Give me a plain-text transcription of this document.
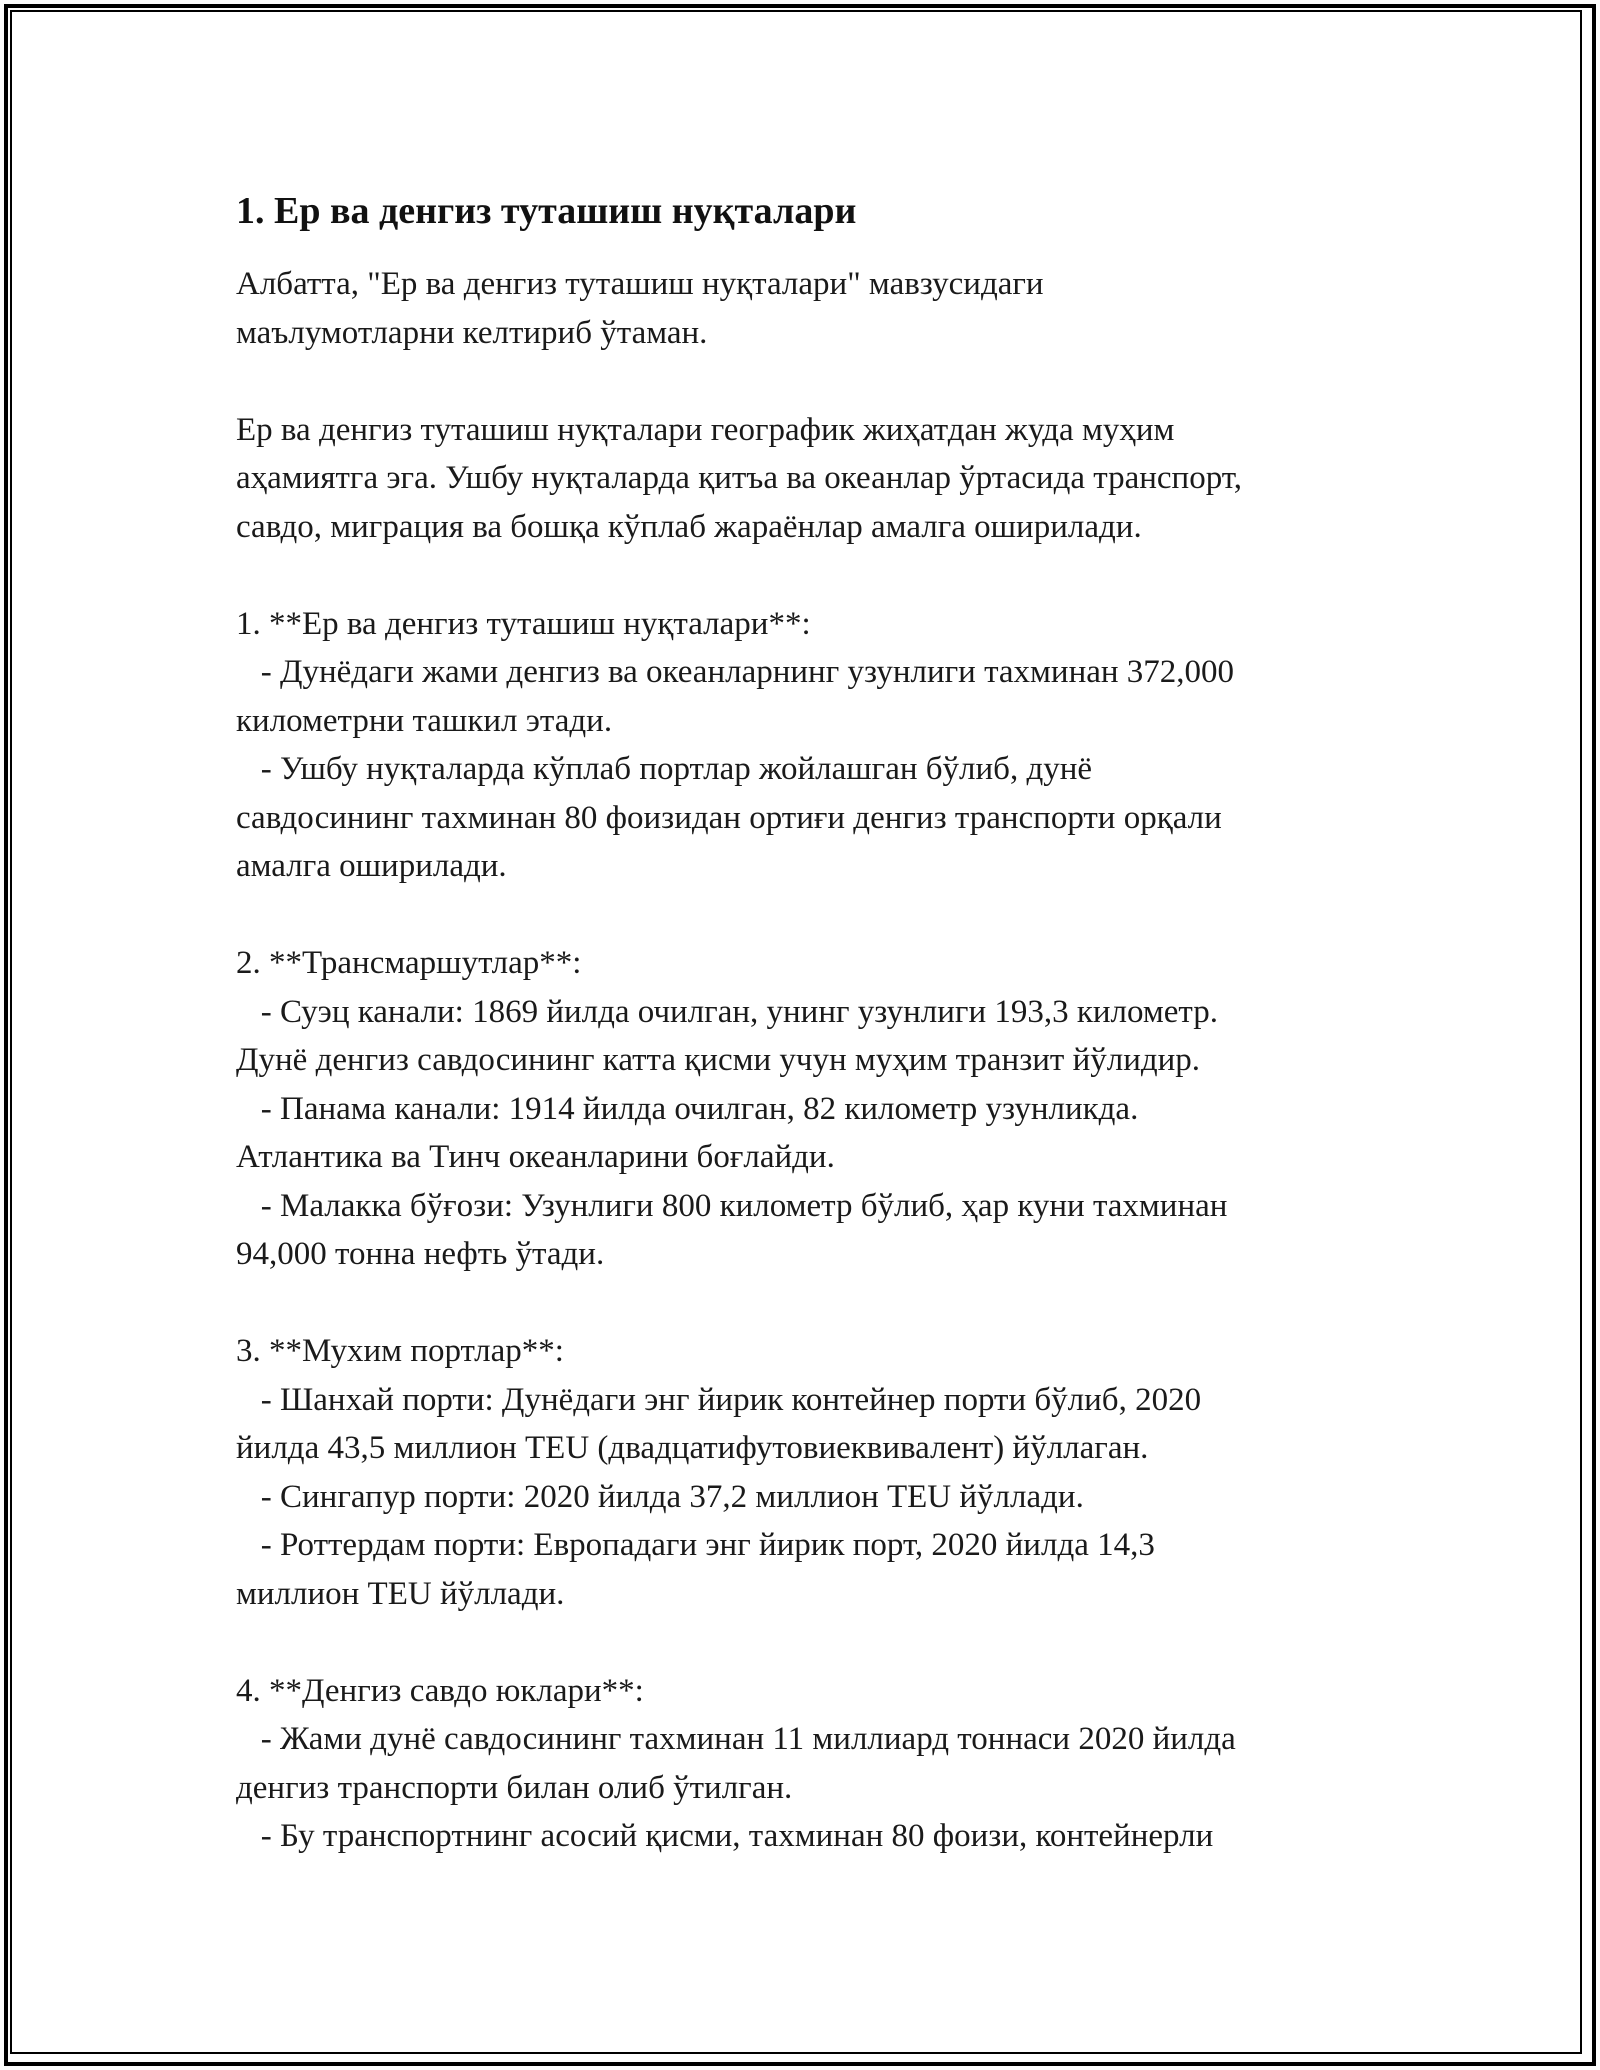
1. Ер ва денгиз туташиш нуқталари

Албатта, "Ер ва денгиз туташиш нуқталари" мавзусидаги
маълумотларни келтириб ўтаман.

Ер ва денгиз туташиш нуқталари географик жиҳатдан жуда муҳим
aҳамиятга эга. Ушбу нуқталарда қитъа ва океанлар ўртасида транспорт,
савдо, миграция ва бошқа кўплаб жараёнлар амалга оширилади.

1. **Ер ва денгиз туташиш нуқталари**:
- Дунёдаги жами денгиз ва океанларнинг узунлиги тахминан 372,000
километрни ташкил этади.
- Ушбу нуқталарда кўплаб портлар жойлашган бўлиб, дунё
савдосининг тахминан 80 фоизидан ортиғи денгиз транспорти орқали
амалга оширилади.

2. **Трансмаршутлар**:
- Суэц канали: 1869 йилда очилган, унинг узунлиги 193,3 километр.
Дунё денгиз савдосининг катта қисми учун муҳим транзит йўлидир.
- Панама канали: 1914 йилда очилган, 82 километр узунликда.
Атлантика ва Тинч океанларини боғлайди.
- Малакка бўғози: Узунлиги 800 километр бўлиб, ҳар куни тахминан
94,000 тонна нефть ўтади.

3. **Мухим портлар**:
- Шанхай порти: Дунёдаги энг йирик контейнер порти бўлиб, 2020
йилда 43,5 миллион TEU (двадцатифутовиеквивалент) йўллаган.
- Сингапур порти: 2020 йилда 37,2 миллион TEU йўллади.
- Роттердам порти: Европадаги энг йирик порт, 2020 йилда 14,3
миллион TEU йўллади.

4. **Денгиз савдо юклари**:
- Жами дунё савдосининг тахминан 11 миллиард тоннаси 2020 йилда
денгиз транспорти билан олиб ўтилган.
- Бу транспортнинг асосий қисми, тахминан 80 фоизи, контейнерли
